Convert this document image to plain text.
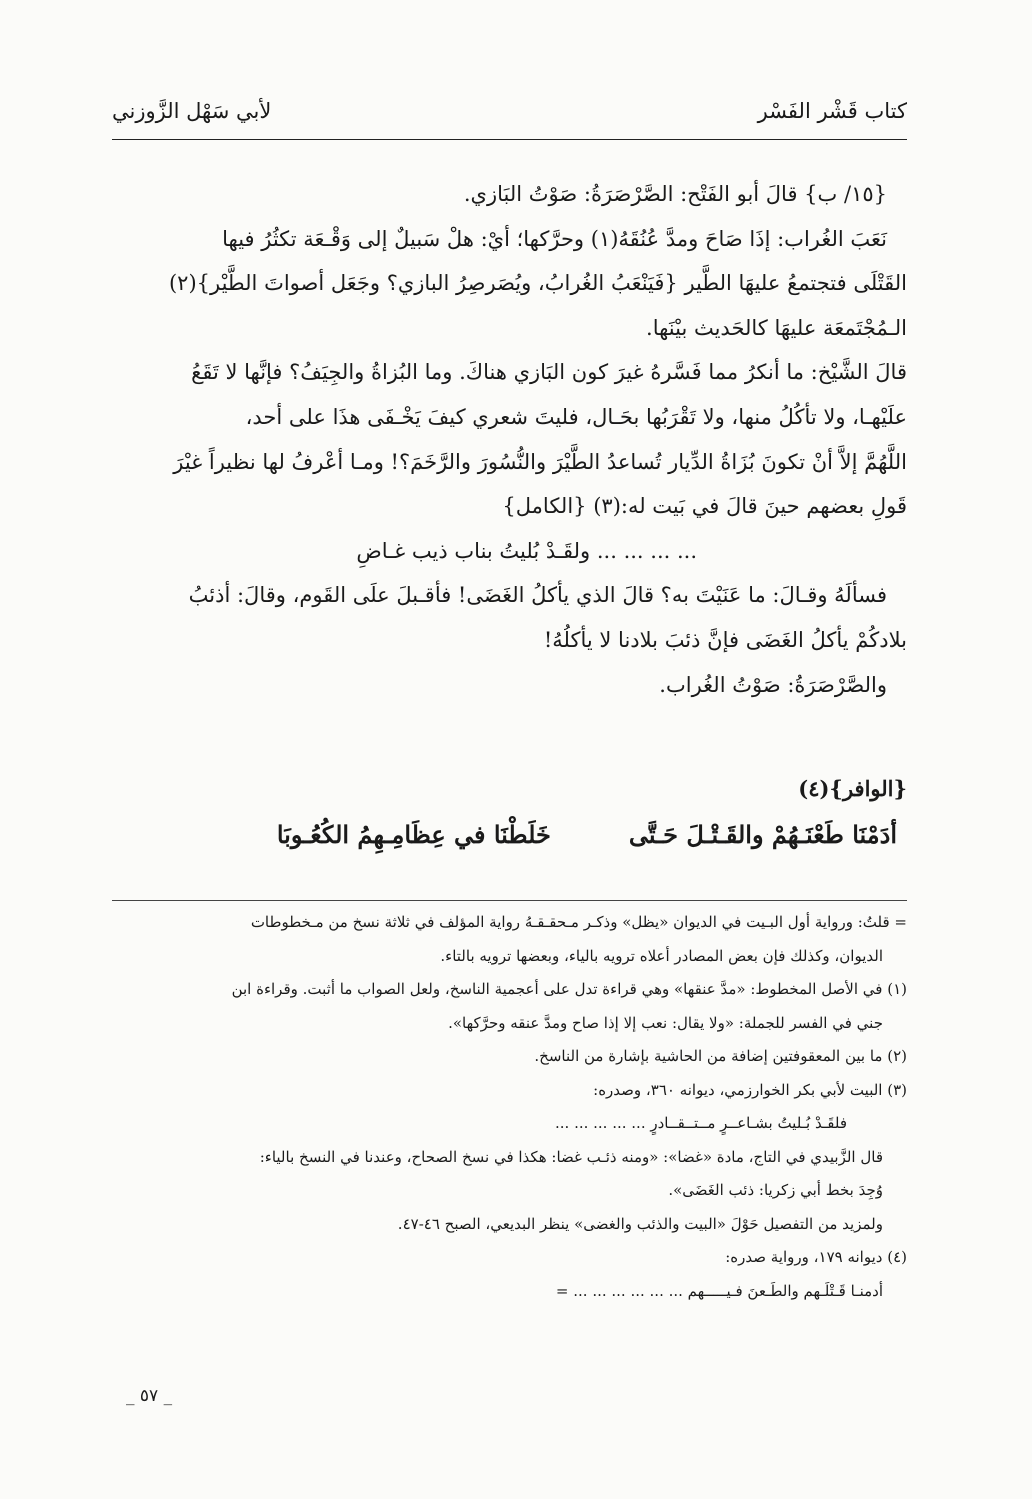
كتاب قَشْر الفَسْر
لأبي سَهْل الزَّوزني

{١٥/ ب} قالَ أبو الفَتْح: الصَّرْصَرَةُ: صَوْتُ البَازي.

نَعَبَ الغُراب: إذَا صَاحَ ومدَّ عُنُقَهُ(١) وحرَّكها؛ أيْ: هلْ سَبيلٌ إلى وَقْـعَة تكثُرُ فيها

القَتْلَى فتجتمعُ عليهَا الطَّير {فَيَنْعَبُ الغُرابُ، ويُصَرصِرُ البازي؟ وجَعَل أصواتَ الطَّيْر}(٢)

الـمُجْتَمعَة عليهَا كالحَديث بيْنَها.

قالَ الشَّيْخ: ما أنكرُ مما فَسَّرهُ غيرَ كون البَازي هناكَ. وما البُزاةُ والجِيَفُ؟ فإنَّها لا تَقَعُ

علَيْهـا، ولا تأكُلُ منها، ولا تَقْرَبُها بحَـال، فليتَ شعري كيفَ يَخْـفَى هذَا على أحد،

اللَّهُمَّ إلاَّ أنْ تكونَ بُزَاةُ الدِّيار تُساعدُ الطَّيْرَ والنُّسُورَ والرَّخَمَ؟! ومـا أعْرفُ لها نظيراً غيْرَ

قَولِ بعضهم حينَ قالَ في بَيت له:(٣) {الكامل}

... ... ... ... ولقَـدْ بُليتُ بناب ذيب غـاضِ

فسألَهُ وقـالَ: ما عَنَيْتَ به؟ قالَ الذي يأكلُ الغَضَى! فأقـبلَ علَى القَوم، وقالَ: أذئبُ

بلادكُمْ يأكلُ الغَضَى فإنَّ ذئبَ بلادنا لا يأكلُهُ!

والصَّرْصَرَةُ: صَوْتُ الغُراب.

{الوافر}(٤)

أدَمْنَا طَعْنَـهُمْ والقَـتْـلَ حَـتَّى
خَلَطْنَا في عِظَامِـهِمُ الكُعُـوبَا

= قلتُ: ورواية أول البـيت في الديوان «يظل» وذكـر مـحقـقـهُ رواية المؤلف في ثلاثة نسخ من مـخطوطات

الديوان، وكذلك فإن بعض المصادر أعلاه ترويه بالياء، وبعضها ترويه بالتاء.

(١) في الأصل المخطوط: «مدَّ عنقها» وهي قراءة تدل على أعجمية الناسخ، ولعل الصواب ما أثبت. وقراءة ابن

جني في الفسر للجملة: «ولا يقال: نعب إلا إذا صاح ومدَّ عنقه وحرَّكها».

(٢) ما بين المعقوفتين إضافة من الحاشية بإشارة من الناسخ.

(٣) البيت لأبي بكر الخوارزمي، ديوانه ٣٦٠، وصدره:

فلقَـدْ بُـليتُ بشـاعــرٍ مــتــقــادرٍ ... ... ... ... ...

قال الزَّبيدي في التاج، مادة «غضا»: «ومنه ذئـب غضا: هكذا في نسخ الصحاح، وعندنا في النسخ بالياء:

وُجِدَ بخط أبي زكريا: ذئب الغَضَى».

ولمزيد من التفصيل حَوْلَ «البيت والذئب والغضى» ينظر البديعي، الصبح ٤٦-٤٧.

(٤) ديوانه ١٧٩، ورواية صدره:

أدمنـا قَـتْلَـهم والطَـعنَ فـيـــــهم ... ... ... ... ... ... =

_ ٥٧ _
